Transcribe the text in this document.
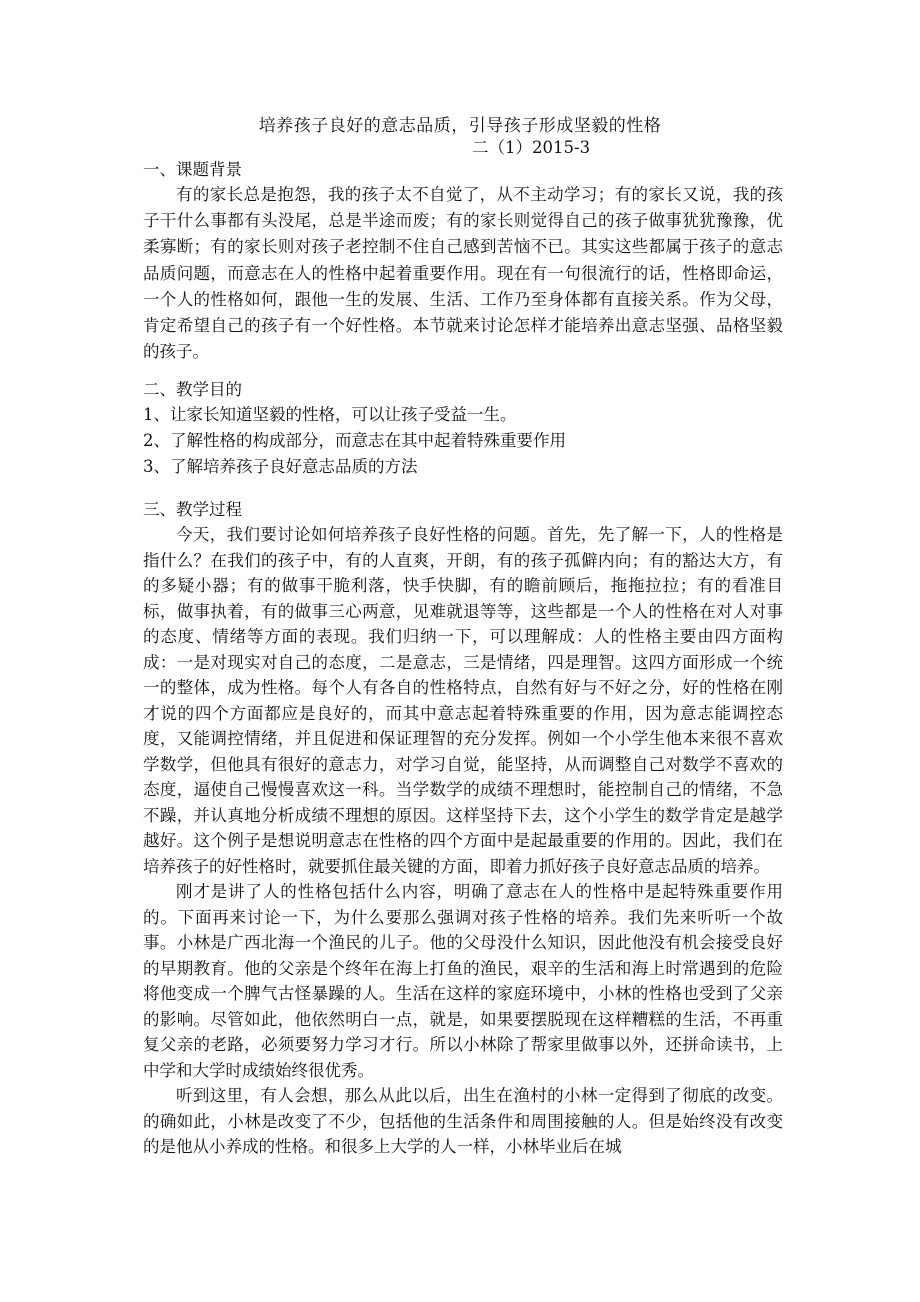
培养孩子良好的意志品质，引导孩子形成坚毅的性格
二（1）2015-3
一、课题背景

有的家长总是抱怨，我的孩子太不自觉了，从不主动学习；有的家长又说，我的孩子干什么事都有头没尾，总是半途而废；有的家长则觉得自己的孩子做事犹犹豫豫，优柔寡断；有的家长则对孩子老控制不住自己感到苦恼不已。其实这些都属于孩子的意志品质问题，而意志在人的性格中起着重要作用。现在有一句很流行的话，性格即命运，一个人的性格如何，跟他一生的发展、生活、工作乃至身体都有直接关系。作为父母，肯定希望自己的孩子有一个好性格。本节就来讨论怎样才能培养出意志坚强、品格坚毅的孩子。

二、教学目的
1、让家长知道坚毅的性格，可以让孩子受益一生。
2、了解性格的构成部分，而意志在其中起着特殊重要作用
3、了解培养孩子良好意志品质的方法
三、教学过程

今天，我们要讨论如何培养孩子良好性格的问题。首先，先了解一下，人的性格是指什么？在我们的孩子中，有的人直爽，开朗，有的孩子孤僻内向；有的豁达大方，有的多疑小器；有的做事干脆利落，快手快脚，有的瞻前顾后，拖拖拉拉；有的看准目标，做事执着，有的做事三心两意，见难就退等等，这些都是一个人的性格在对人对事的态度、情绪等方面的表现。我们归纳一下，可以理解成：人的性格主要由四方面构成：一是对现实对自己的态度，二是意志，三是情绪，四是理智。这四方面形成一个统一的整体，成为性格。每个人有各自的性格特点，自然有好与不好之分，好的性格在刚才说的四个方面都应是良好的，而其中意志起着特殊重要的作用，因为意志能调控态度，又能调控情绪，并且促进和保证理智的充分发挥。例如一个小学生他本来很不喜欢学数学，但他具有很好的意志力，对学习自觉，能坚持，从而调整自己对数学不喜欢的态度，逼使自己慢慢喜欢这一科。当学数学的成绩不理想时，能控制自己的情绪，不急不躁，并认真地分析成绩不理想的原因。这样坚持下去，这个小学生的数学肯定是越学越好。这个例子是想说明意志在性格的四个方面中是起最重要的作用的。因此，我们在培养孩子的好性格时，就要抓住最关键的方面，即着力抓好孩子良好意志品质的培养。

刚才是讲了人的性格包括什么内容，明确了意志在人的性格中是起特殊重要作用的。下面再来讨论一下，为什么要那么强调对孩子性格的培养。我们先来听听一个故事。小林是广西北海一个渔民的儿子。他的父母没什么知识，因此他没有机会接受良好的早期教育。他的父亲是个终年在海上打鱼的渔民，艰辛的生活和海上时常遇到的危险将他变成一个脾气古怪暴躁的人。生活在这样的家庭环境中，小林的性格也受到了父亲的影响。尽管如此，他依然明白一点，就是，如果要摆脱现在这样糟糕的生活，不再重复父亲的老路，必须要努力学习才行。所以小林除了帮家里做事以外，还拼命读书，上中学和大学时成绩始终很优秀。

听到这里，有人会想，那么从此以后，出生在渔村的小林一定得到了彻底的改变。的确如此，小林是改变了不少，包括他的生活条件和周围接触的人。但是始终没有改变的是他从小养成的性格。和很多上大学的人一样，小林毕业后在城
